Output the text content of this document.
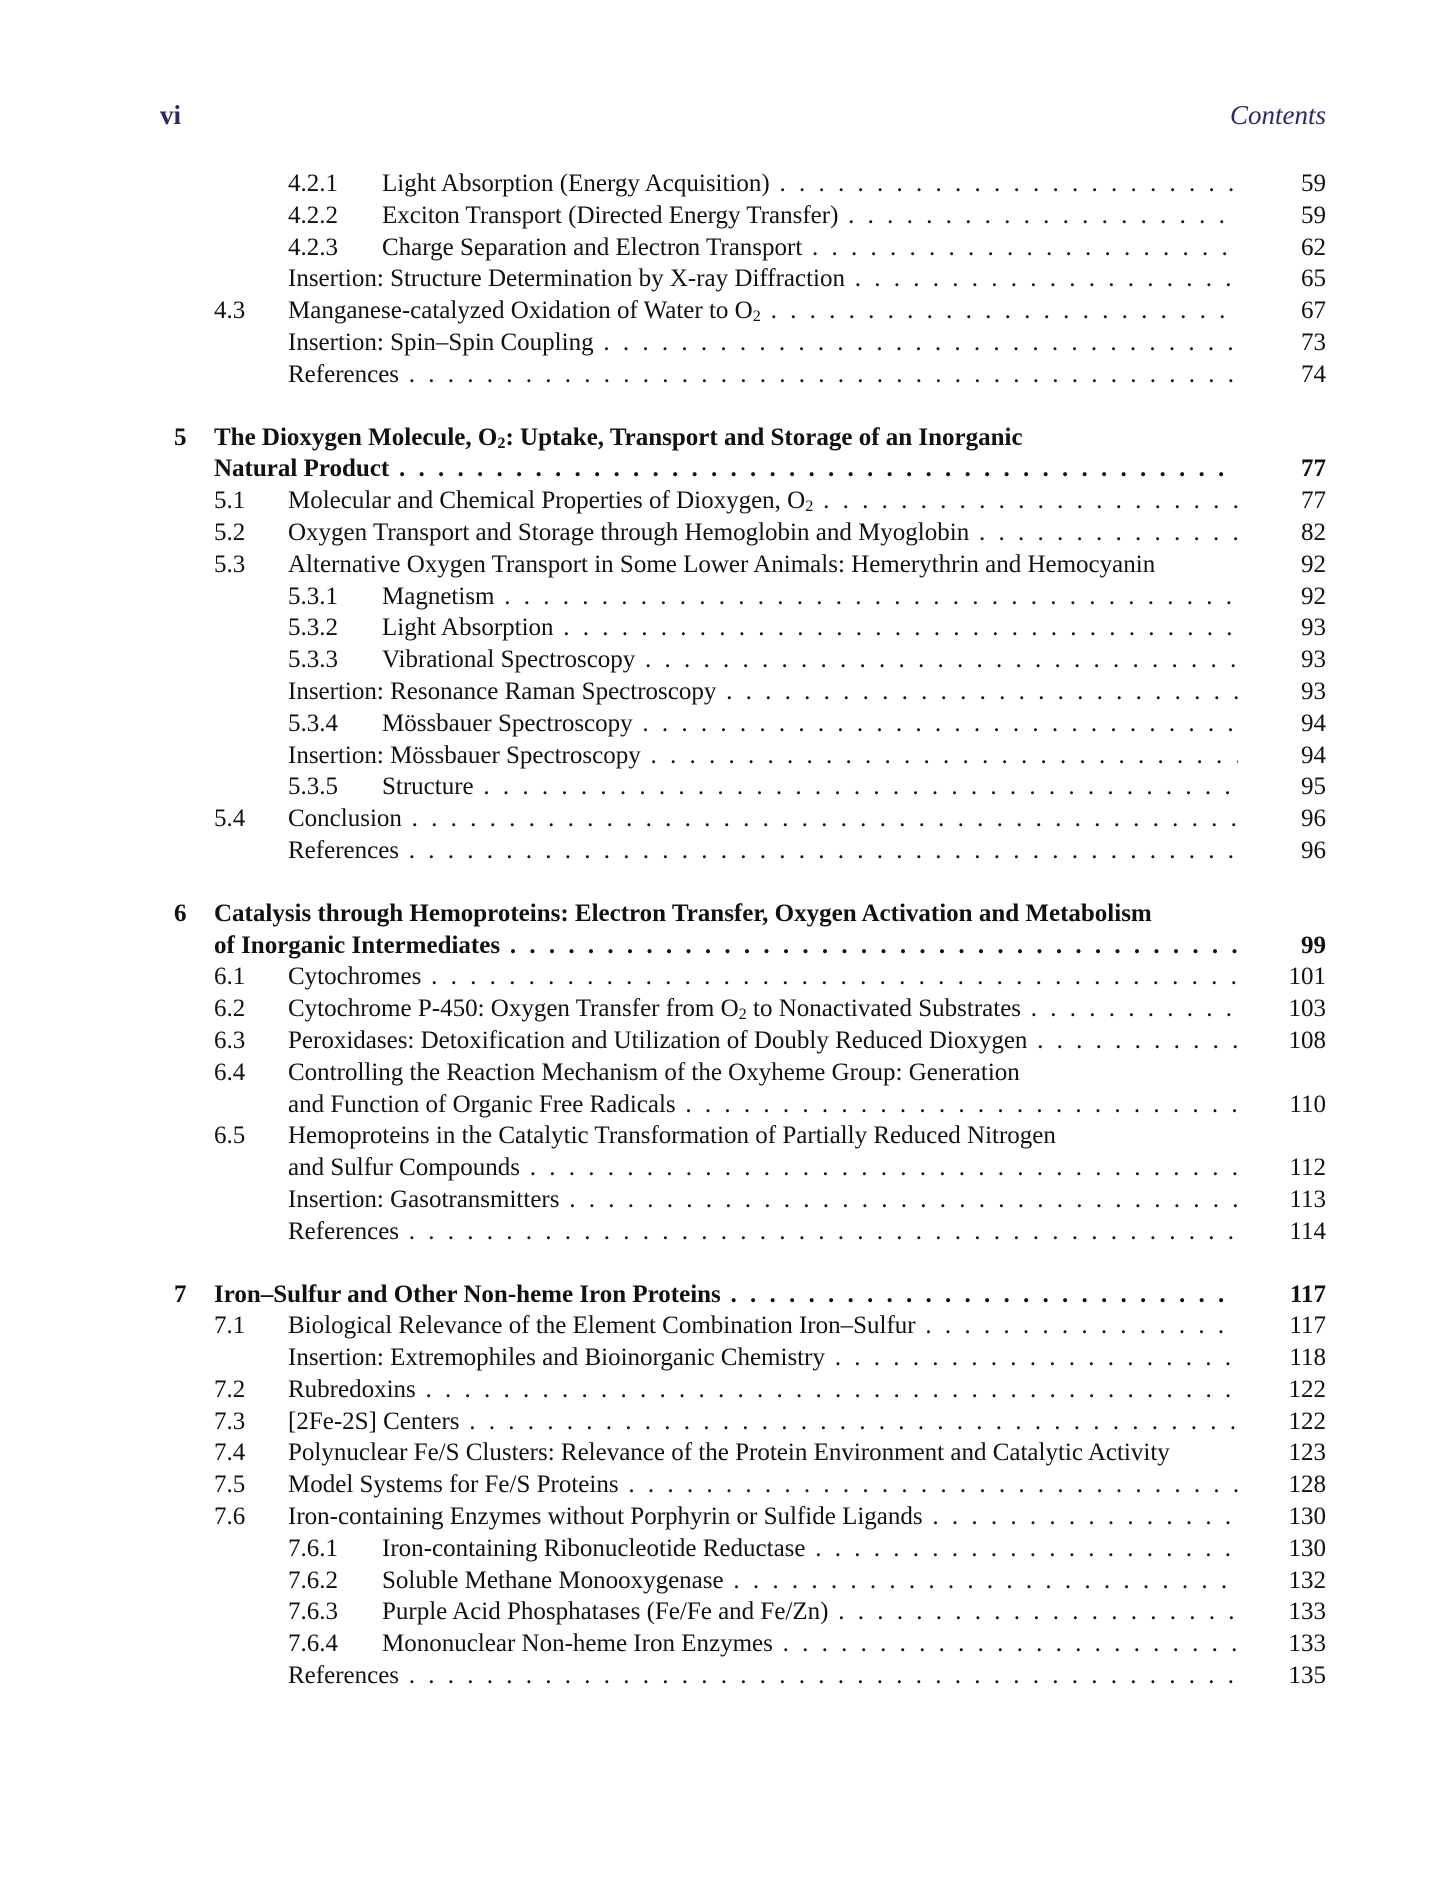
vi	Contents
4.2.1 Light Absorption (Energy Acquisition) . . .	59
4.2.2 Exciton Transport (Directed Energy Transfer) . . .	59
4.2.3 Charge Separation and Electron Transport . . .	62
Insertion: Structure Determination by X-ray Diffraction . . .	65
4.3 Manganese-catalyzed Oxidation of Water to $O_2$ . . .	67
Insertion: Spin–Spin Coupling . . .	73
References . . .	74
5 The Dioxygen Molecule, $O_2$: Uptake, Transport and Storage of an Inorganic
Natural Product . . .	77
5.1 Molecular and Chemical Properties of Dioxygen, $O_2$ . . .	77
5.2 Oxygen Transport and Storage through Hemoglobin and Myoglobin . . .	82
5.3 Alternative Oxygen Transport in Some Lower Animals: Hemerythrin and Hemocyanin	92
5.3.1 Magnetism . . .	92
5.3.2 Light Absorption . . .	93
5.3.3 Vibrational Spectroscopy . . .	93
Insertion: Resonance Raman Spectroscopy . . .	93
5.3.4 Mössbauer Spectroscopy . . .	94
Insertion: Mössbauer Spectroscopy . . .	94
5.3.5 Structure . . .	95
5.4 Conclusion . . .	96
References . . .	96
6 Catalysis through Hemoproteins: Electron Transfer, Oxygen Activation and Metabolism
of Inorganic Intermediates . . .	99
6.1 Cytochromes . . .	101
6.2 Cytochrome P-450: Oxygen Transfer from $O_2$ to Nonactivated Substrates . . .	103
6.3 Peroxidases: Detoxification and Utilization of Doubly Reduced Dioxygen . . .	108
6.4 Controlling the Reaction Mechanism of the Oxyheme Group: Generation
and Function of Organic Free Radicals . . .	110
6.5 Hemoproteins in the Catalytic Transformation of Partially Reduced Nitrogen
and Sulfur Compounds . . .	112
Insertion: Gasotransmitters . . .	113
References . . .	114
7 Iron–Sulfur and Other Non-heme Iron Proteins . . .	117
7.1 Biological Relevance of the Element Combination Iron–Sulfur . . .	117
Insertion: Extremophiles and Bioinorganic Chemistry . . .	118
7.2 Rubredoxins . . .	122
7.3 [2Fe-2S] Centers . . .	122
7.4 Polynuclear Fe/S Clusters: Relevance of the Protein Environment and Catalytic Activity	123
7.5 Model Systems for Fe/S Proteins . . .	128
7.6 Iron-containing Enzymes without Porphyrin or Sulfide Ligands . . .	130
7.6.1 Iron-containing Ribonucleotide Reductase . . .	130
7.6.2 Soluble Methane Monooxygenase . . .	132
7.6.3 Purple Acid Phosphatases (Fe/Fe and Fe/Zn) . . .	133
7.6.4 Mononuclear Non-heme Iron Enzymes . . .	133
References . . .	135
